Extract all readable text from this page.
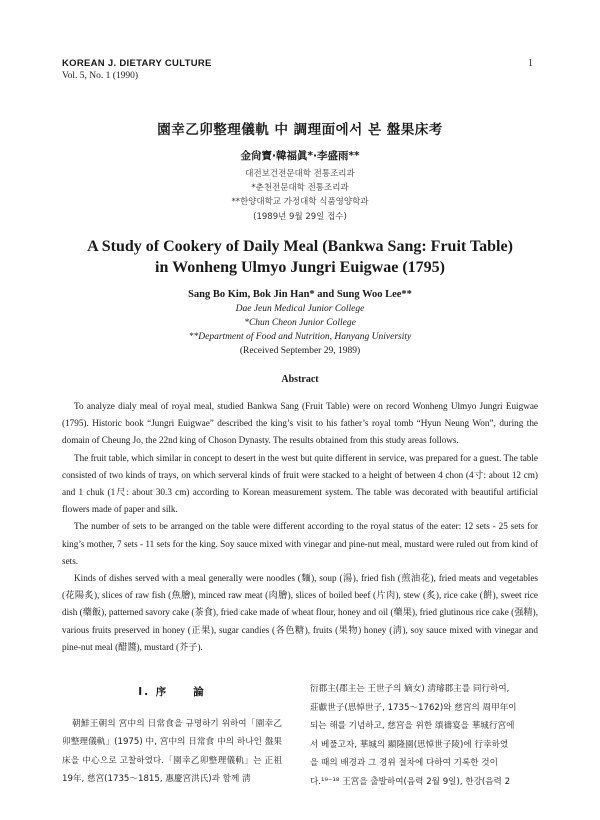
KOREAN J. DIETARY CULTURE
Vol. 5, No. 1 (1990)
1
園幸乙卯整理儀軌 中 調理面에서 본 盤果床考
金尙寶·韓福眞*·李盛雨**
대전보건전문대학 전통조리과
*춘천전문대학 전통조리과
**한양대학교 가정대학 식품영양학과
(1989년 9월 29일 접수)
A Study of Cookery of Daily Meal (Bankwa Sang: Fruit Table)
in Wonheng Ulmyo Jungri Euigwae (1795)
Sang Bo Kim, Bok Jin Han* and Sung Woo Lee**
Dae Jeun Medical Junior College
*Chun Cheon Junior College
**Department of Food and Nutrition, Hanyang University
(Received September 29, 1989)
Abstract

To analyze dialy meal of royal meal, studied Bankwa Sang (Fruit Table) were on record Wonheng Ulmyo Jungri Euigwae (1795). Historic book “Jungri Euigwae” described the king’s visit to his father’s royal tomb “Hyun Neung Won”, during the domain of Cheung Jo, the 22nd king of Choson Dynasty. The results obtained from this study areas follows.

The fruit table, which similar in concept to desert in the west but quite different in service, was prepared for a guest. The table consisted of two kinds of trays, on which serveral kinds of fruit were stacked to a height of between 4 chon (4寸: about 12 cm) and 1 chuk (1尺: about 30.3 cm) according to Korean measurement system. The table was decorated with beautiful artificial flowers made of paper and silk.

The number of sets to be arranged on the table were different according to the royal status of the eater: 12 sets - 25 sets for king’s mother, 7 sets - 11 sets for the king. Soy sauce mixed with vinegar and pine-nut meal, mustard were ruled out from kind of sets.

Kinds of dishes served with a meal generally were noodles (麵), soup (湯), fried fish (煎油花), fried meats and vegetables (花陽炙), slices of raw fish (魚膾), minced raw meat (肉膾), slices of boiled beef (片肉), stew (炙), rice cake (餠), sweet rice dish (藥飯), patterned savory cake (茶食), fried cake made of wheat flour, honey and oil (藥果), fried glutinous rice cake (强精), various fruits preserved in honey (正果), sugar candies (各色糖), fruits (果物) honey (淸), soy sauce mixed with vinegar and pine-nut meal (醋醬), mustard (芥子).

I. 序　　論

朝鮮王朝의 宮中의 日常食을 규명하기 위하여「園幸乙卯整理儀軌」(1975) 中, 宮中의 日常食 中의 하나인 盤果床을 中心으로 고찰하였다.「園幸乙卯整理儀軌」는 正祖 19年, 慈宮(1735～1815, 惠慶宮洪氏)과 함께 淸

衍郡主(郡主는 王世子의 嫡女) 淸璿郡主를 同行하여,

莊獻世子(思悼世子, 1735～1762)와 慈宮의 周甲年이

되는 해를 기념하고, 慈宮을 위한 頌禱宴을 華城行宮에

서 베풀고자, 華城의 顯隆園(思悼世子陵)에 行幸하였

을 때의 배경과 그 경위 절차에 다하여 기록한 것이

다.¹⁹⁻¹⁸ 王宮을 출발하여(음력 2월 9일), 한강(음력 2
